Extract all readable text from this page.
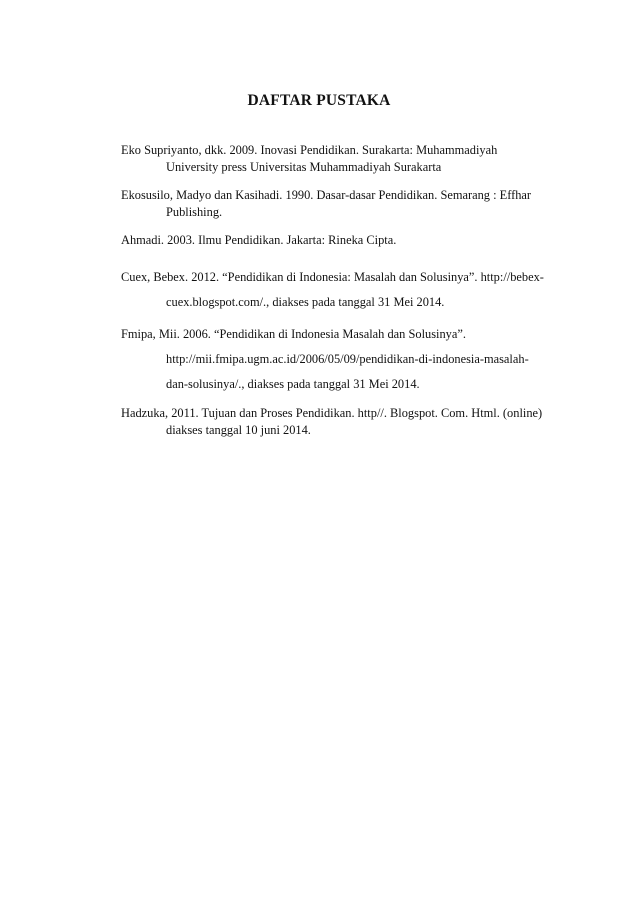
DAFTAR PUSTAKA
Eko Supriyanto, dkk. 2009. Inovasi Pendidikan. Surakarta: Muhammadiyah
University press Universitas Muhammadiyah Surakarta
Ekosusilo, Madyo dan Kasihadi. 1990. Dasar-dasar Pendidikan. Semarang : Effhar
Publishing.
Ahmadi. 2003. Ilmu Pendidikan. Jakarta: Rineka Cipta.
Cuex, Bebex. 2012. “Pendidikan di Indonesia: Masalah dan Solusinya”. http://bebex-
cuex.blogspot.com/., diakses pada tanggal 31 Mei 2014.
Fmipa, Mii. 2006. “Pendidikan di Indonesia Masalah dan Solusinya”.
http://mii.fmipa.ugm.ac.id/2006/05/09/pendidikan-di-indonesia-masalah-
dan-solusinya/., diakses pada tanggal 31 Mei 2014.
Hadzuka, 2011. Tujuan dan Proses Pendidikan. http//. Blogspot. Com. Html. (online)
diakses tanggal 10 juni 2014.
